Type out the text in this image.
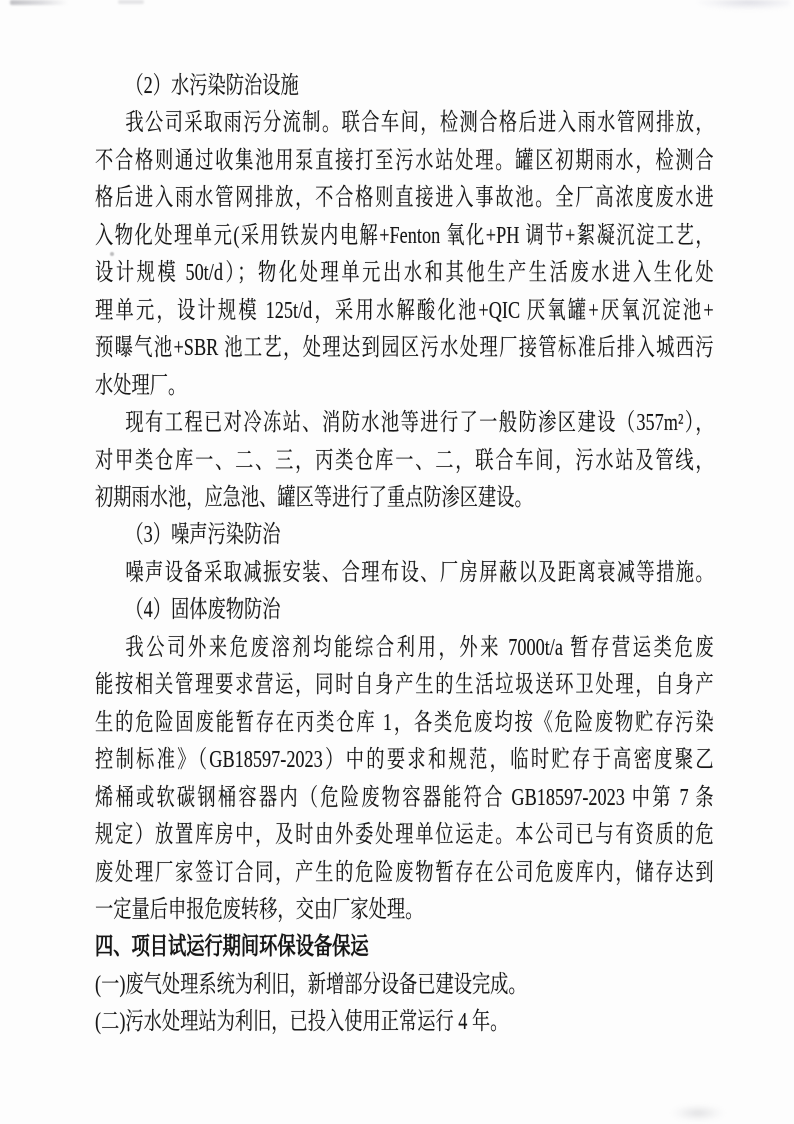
（2）水污染防治设施
我公司采取雨污分流制。联合车间，检测合格后进入雨水管网排放，
不合格则通过收集池用泵直接打至污水站处理。罐区初期雨水，检测合
格后进入雨水管网排放，不合格则直接进入事故池。全厂高浓度废水进
入物化处理单元(采用铁炭内电解+Fenton 氧化+PH 调节+絮凝沉淀工艺，
设计规模 50t/d）；物化处理单元出水和其他生产生活废水进入生化处
理单元，设计规模 125t/d，采用水解酸化池+QIC 厌氧罐+厌氧沉淀池+
预曝气池+SBR 池工艺，处理达到园区污水处理厂接管标准后排入城西污
水处理厂。
现有工程已对冷冻站、消防水池等进行了一般防渗区建设（357m²），
对甲类仓库一、二、三，丙类仓库一、二，联合车间，污水站及管线，
初期雨水池，应急池、罐区等进行了重点防渗区建设。
（3）噪声污染防治
噪声设备采取减振安装、合理布设、厂房屏蔽以及距离衰减等措施。
（4）固体废物防治
我公司外来危废溶剂均能综合利用，外来 7000t/a 暂存营运类危废
能按相关管理要求营运，同时自身产生的生活垃圾送环卫处理，自身产
生的危险固废能暂存在丙类仓库 1，各类危废均按《危险废物贮存污染
控制标准》（GB18597-2023）中的要求和规范，临时贮存于高密度聚乙
烯桶或软碳钢桶容器内（危险废物容器能符合 GB18597-2023 中第 7 条
规定）放置库房中，及时由外委处理单位运走。本公司已与有资质的危
废处理厂家签订合同，产生的危险废物暂存在公司危废库内，储存达到
一定量后申报危废转移，交由厂家处理。
四、项目试运行期间环保设备保运
(一)废气处理系统为利旧，新增部分设备已建设完成。
(二)污水处理站为利旧，已投入使用正常运行 4 年。
